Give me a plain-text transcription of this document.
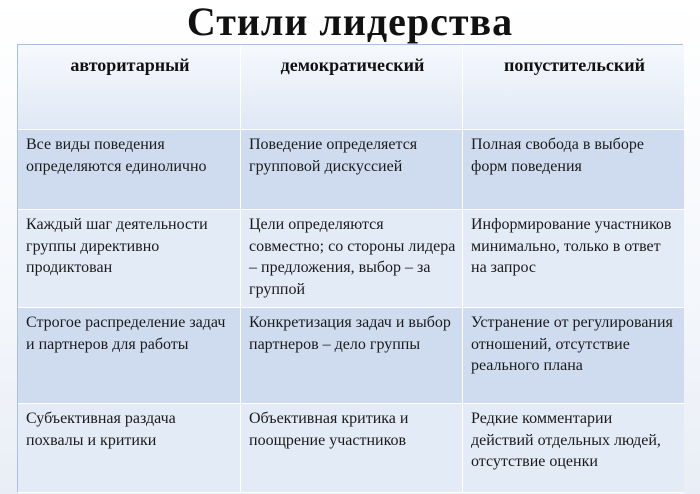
Стили лидерства
авторитарный	демократический	попустительский
Все виды поведения определяются единолично
Поведение определяется групповой дискуссией
Полная свобода в выборе форм поведения
Каждый шаг деятельности группы директивно продиктован
Цели определяются совместно; со стороны лидера – предложения, выбор – за группой
Информирование участников минимально, только в ответ на запрос
Строгое распределение задач и партнеров для работы
Конкретизация задач и выбор партнеров – дело группы
Устранение от регулирования отношений, отсутствие реального плана
Субъективная раздача похвалы и критики
Объективная критика и поощрение участников
Редкие комментарии действий отдельных людей, отсутствие оценки
